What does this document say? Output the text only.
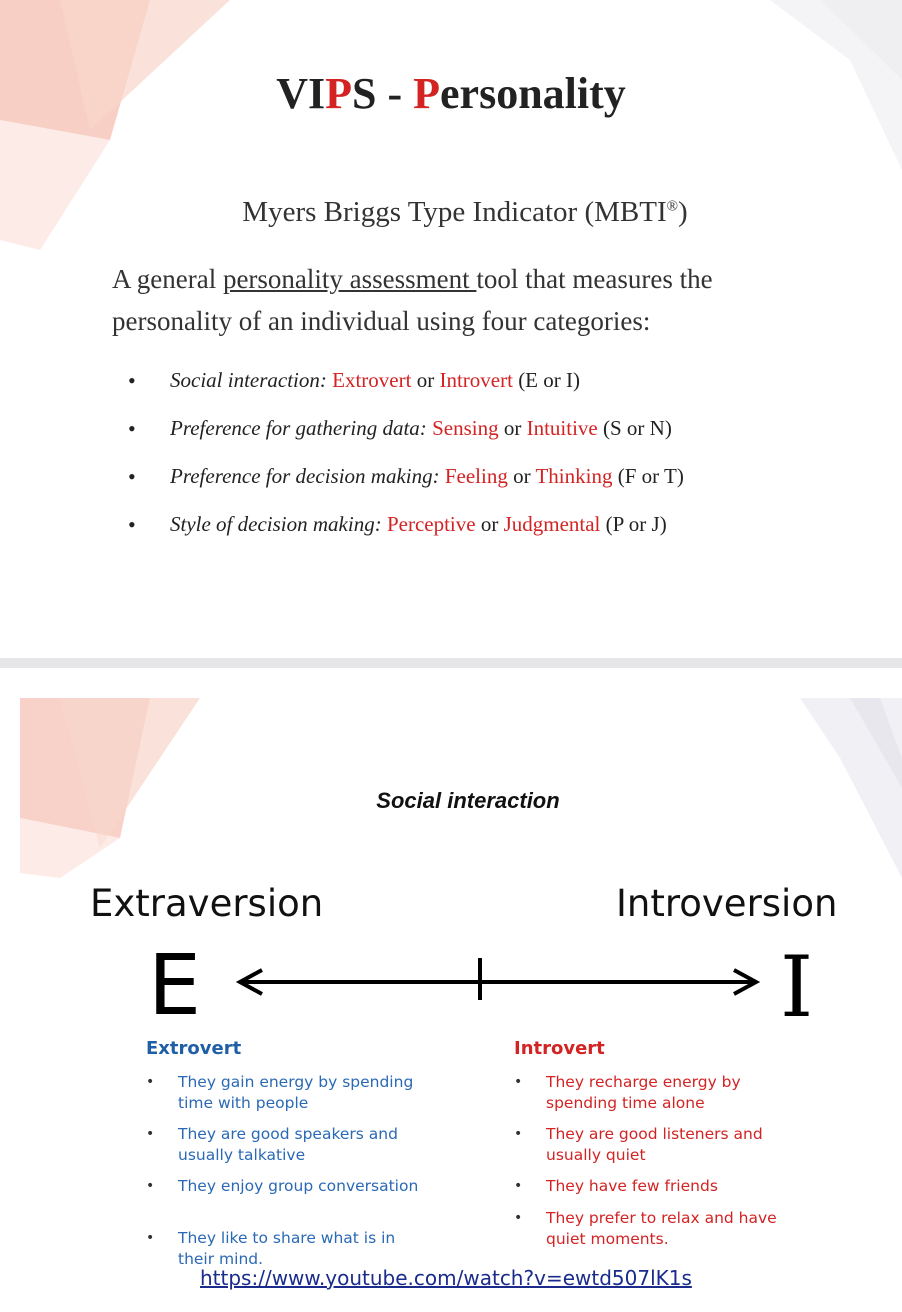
VIPS - Personality
Myers Briggs Type Indicator (MBTI®)
A general personality assessment tool that measures the personality of an individual using four categories:
• Social interaction: Extrovert or Introvert (E or I)
• Preference for gathering data: Sensing or Intuitive (S or N)
• Preference for decision making: Feeling or Thinking (F or T)
• Style of decision making: Perceptive or Judgmental (P or J)
Social interaction
Extraversion	Introversion
E	I
Extrovert	Introvert
• They gain energy by spending time with people
• They are good speakers and usually talkative
• They enjoy group conversation
• They like to share what is in their mind.
• They recharge energy by spending time alone
• They are good listeners and usually quiet
• They have few friends
• They prefer to relax and have quiet moments.
https://www.youtube.com/watch?v=ewtd507lK1s
